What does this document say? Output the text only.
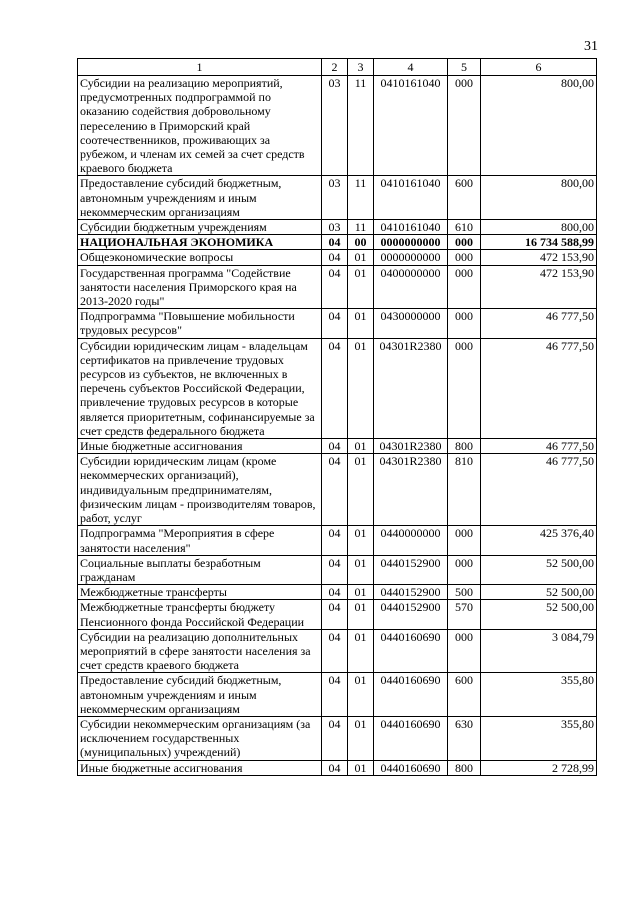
31
1	2	3	4	5	6
Субсидии на реализацию мероприятий, предусмотренных подпрограммой по оказанию содействия добровольному переселению в Приморский край соотечественников, проживающих за рубежом, и членам их семей за счет средств краевого бюджета	03	11	0410161040	000	800,00
Предоставление субсидий бюджетным, автономным учреждениям и иным некоммерческим организациям	03	11	0410161040	600	800,00
Субсидии бюджетным учреждениям	03	11	0410161040	610	800,00
НАЦИОНАЛЬНАЯ ЭКОНОМИКА	04	00	0000000000	000	16 734 588,99
Общеэкономические вопросы	04	01	0000000000	000	472 153,90
Государственная программа "Содействие занятости населения Приморского края на 2013-2020 годы"	04	01	0400000000	000	472 153,90
Подпрограмма "Повышение мобильности трудовых ресурсов"	04	01	0430000000	000	46 777,50
Субсидии юридическим лицам - владельцам сертификатов на привлечение трудовых ресурсов из субъектов, не включенных в перечень субъектов Российской Федерации, привлечение трудовых ресурсов в которые является приоритетным, софинансируемые за счет средств федерального бюджета	04	01	04301R2380	000	46 777,50
Иные бюджетные ассигнования	04	01	04301R2380	800	46 777,50
Субсидии юридическим лицам (кроме некоммерческих организаций), индивидуальным предпринимателям, физическим лицам - производителям товаров, работ, услуг	04	01	04301R2380	810	46 777,50
Подпрограмма "Мероприятия в сфере занятости населения"	04	01	0440000000	000	425 376,40
Социальные выплаты безработным гражданам	04	01	0440152900	000	52 500,00
Межбюджетные трансферты	04	01	0440152900	500	52 500,00
Межбюджетные трансферты бюджету Пенсионного фонда Российской Федерации	04	01	0440152900	570	52 500,00
Субсидии на реализацию дополнительных мероприятий в сфере занятости населения за счет средств краевого бюджета	04	01	0440160690	000	3 084,79
Предоставление субсидий бюджетным, автономным учреждениям и иным некоммерческим организациям	04	01	0440160690	600	355,80
Субсидии некоммерческим организациям (за исключением государственных (муниципальных) учреждений)	04	01	0440160690	630	355,80
Иные бюджетные ассигнования	04	01	0440160690	800	2 728,99
